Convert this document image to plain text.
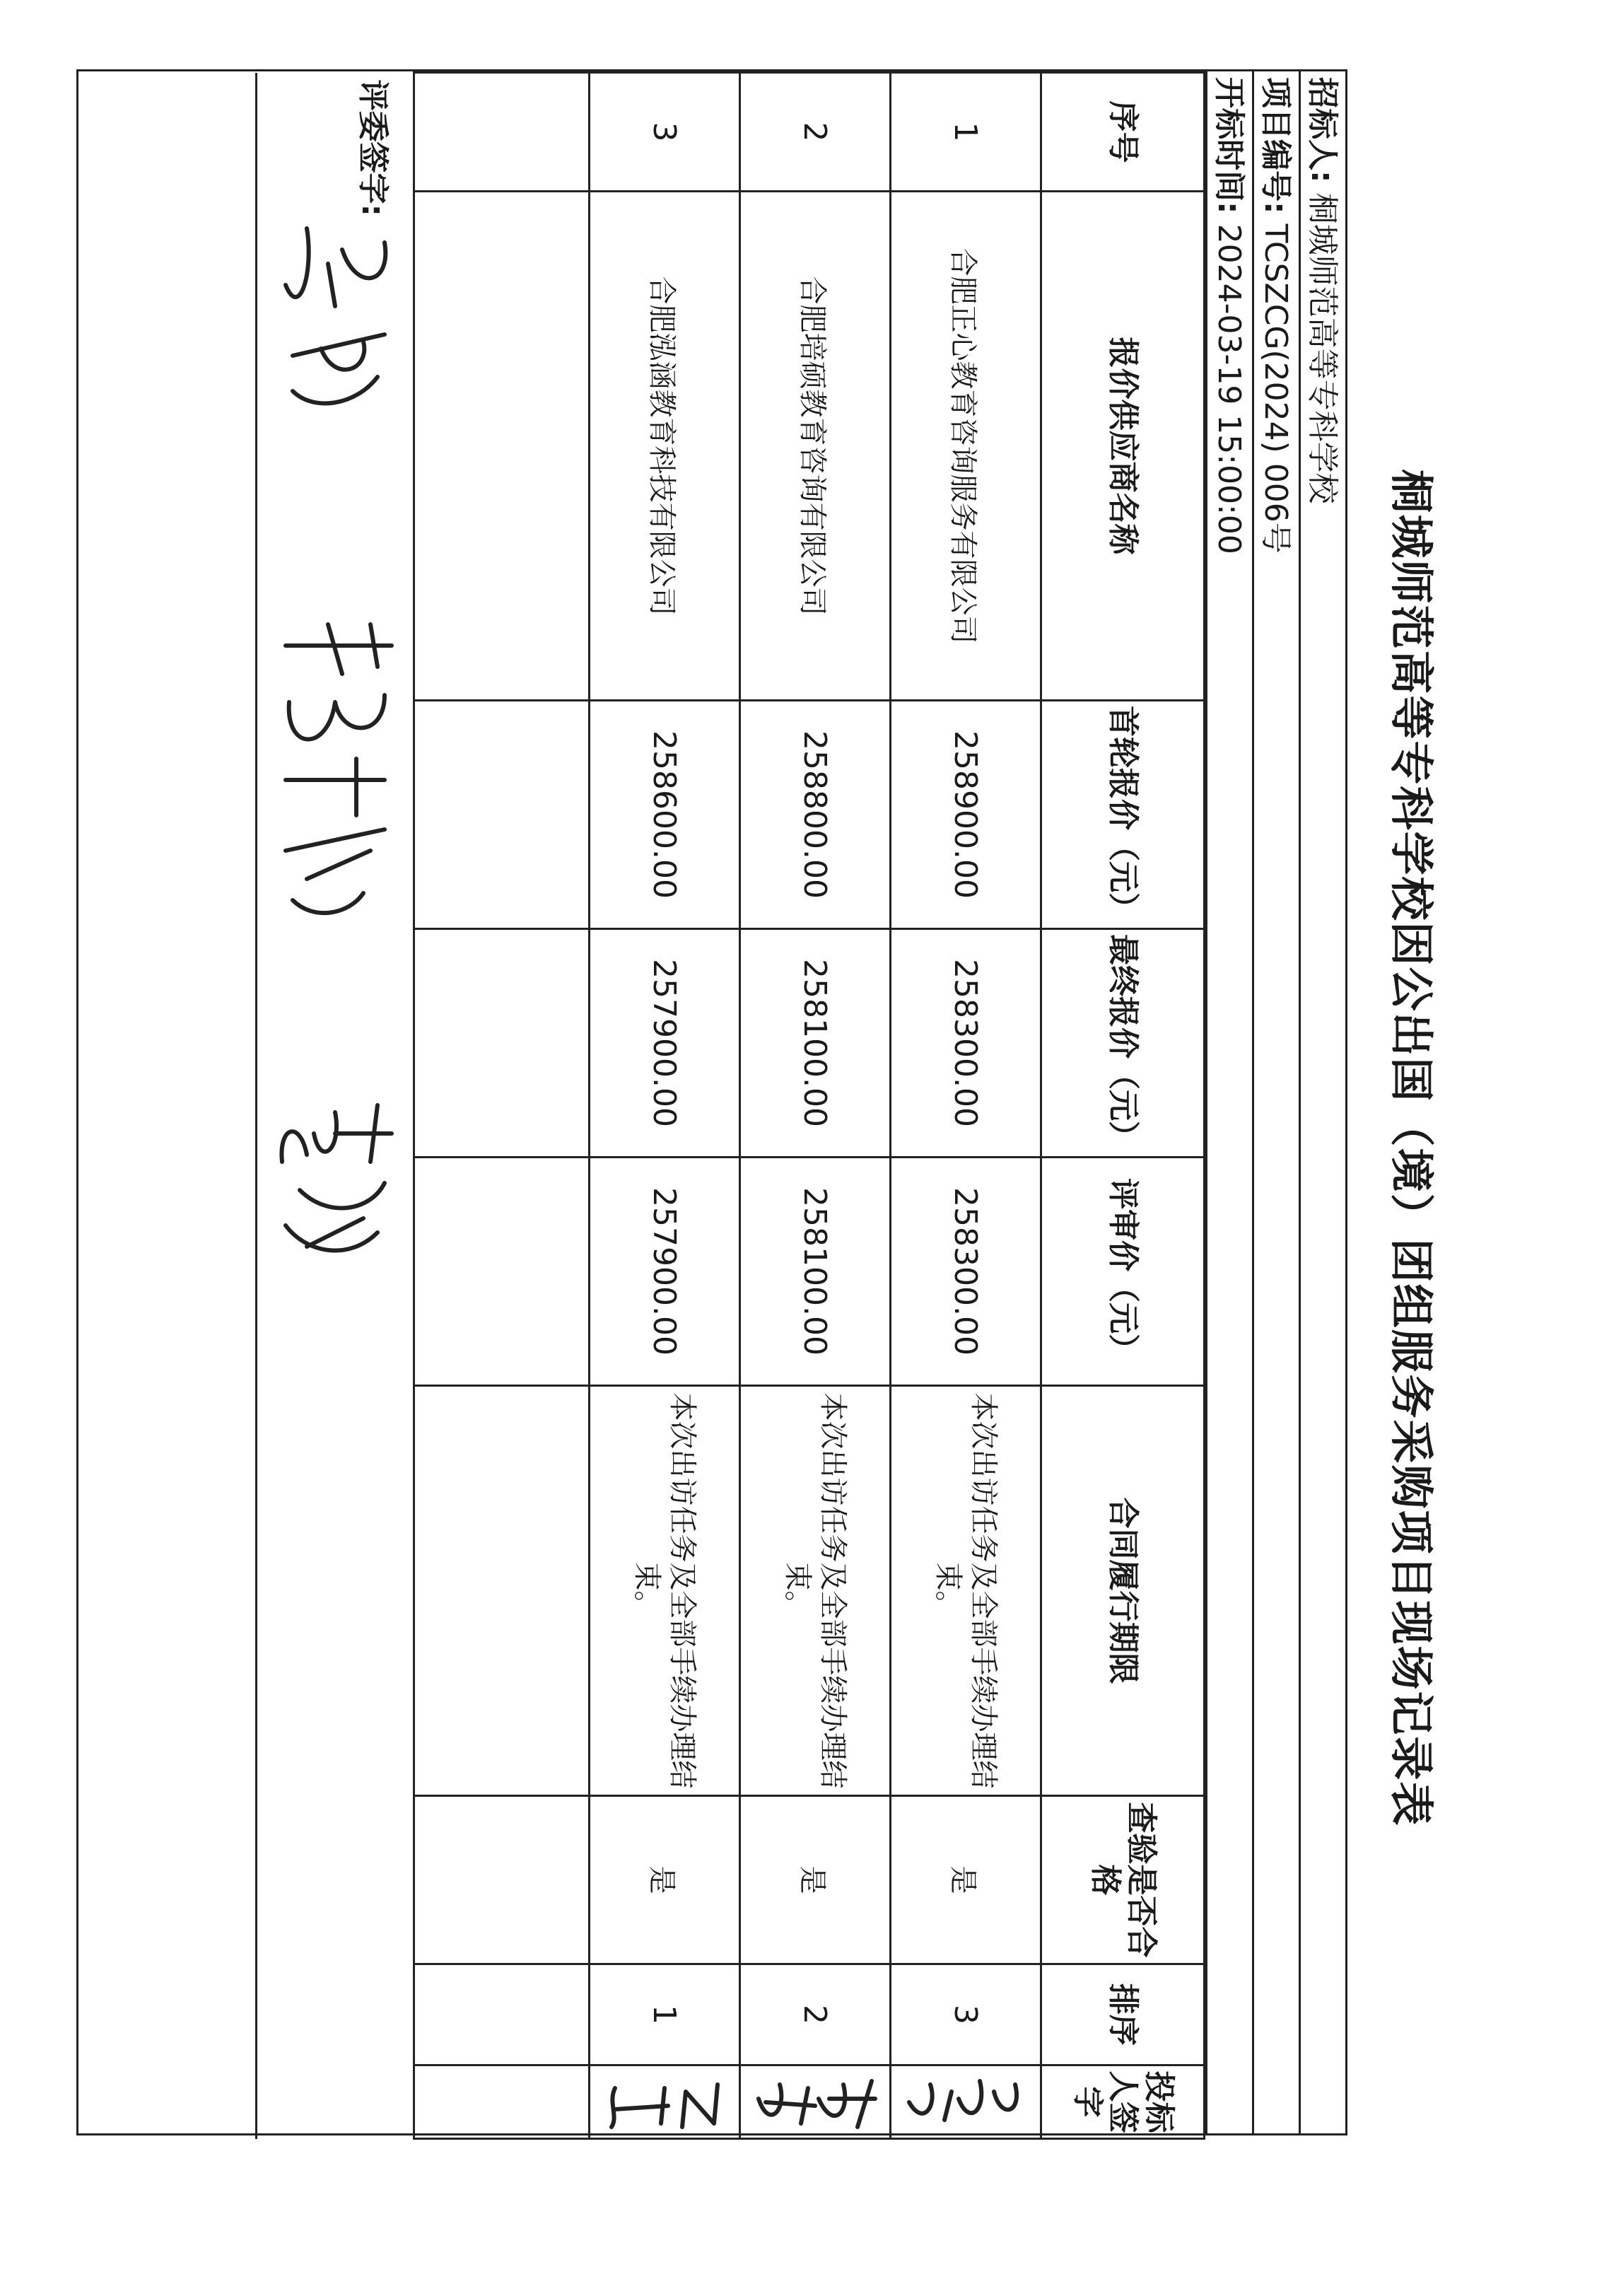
桐城师范高等专科学校因公出国（境）团组服务采购项目现场记录表
招标人: 桐城师范高等专科学校
项目编号: TCSZCG(2024) 006号
开标时间: 2024-03-19 15:00:00
序号	报价供应商名称	首轮报价（元）	最终报价（元）	评审价（元）	合同履行期限	查验是否合格	排序	投标人签字
1	合肥正心教育咨询服务有限公司	258900.00	258300.00	258300.00	本次出访任务及全部手续办理结束。	是	3	
2	合肥培硕教育咨询有限公司	258800.00	258100.00	258100.00	本次出访任务及全部手续办理结束。	是	2	
3	合肥泓涵教育科技有限公司	258600.00	257900.00	257900.00	本次出访任务及全部手续办理结束。	是	1	

评委签字:								
